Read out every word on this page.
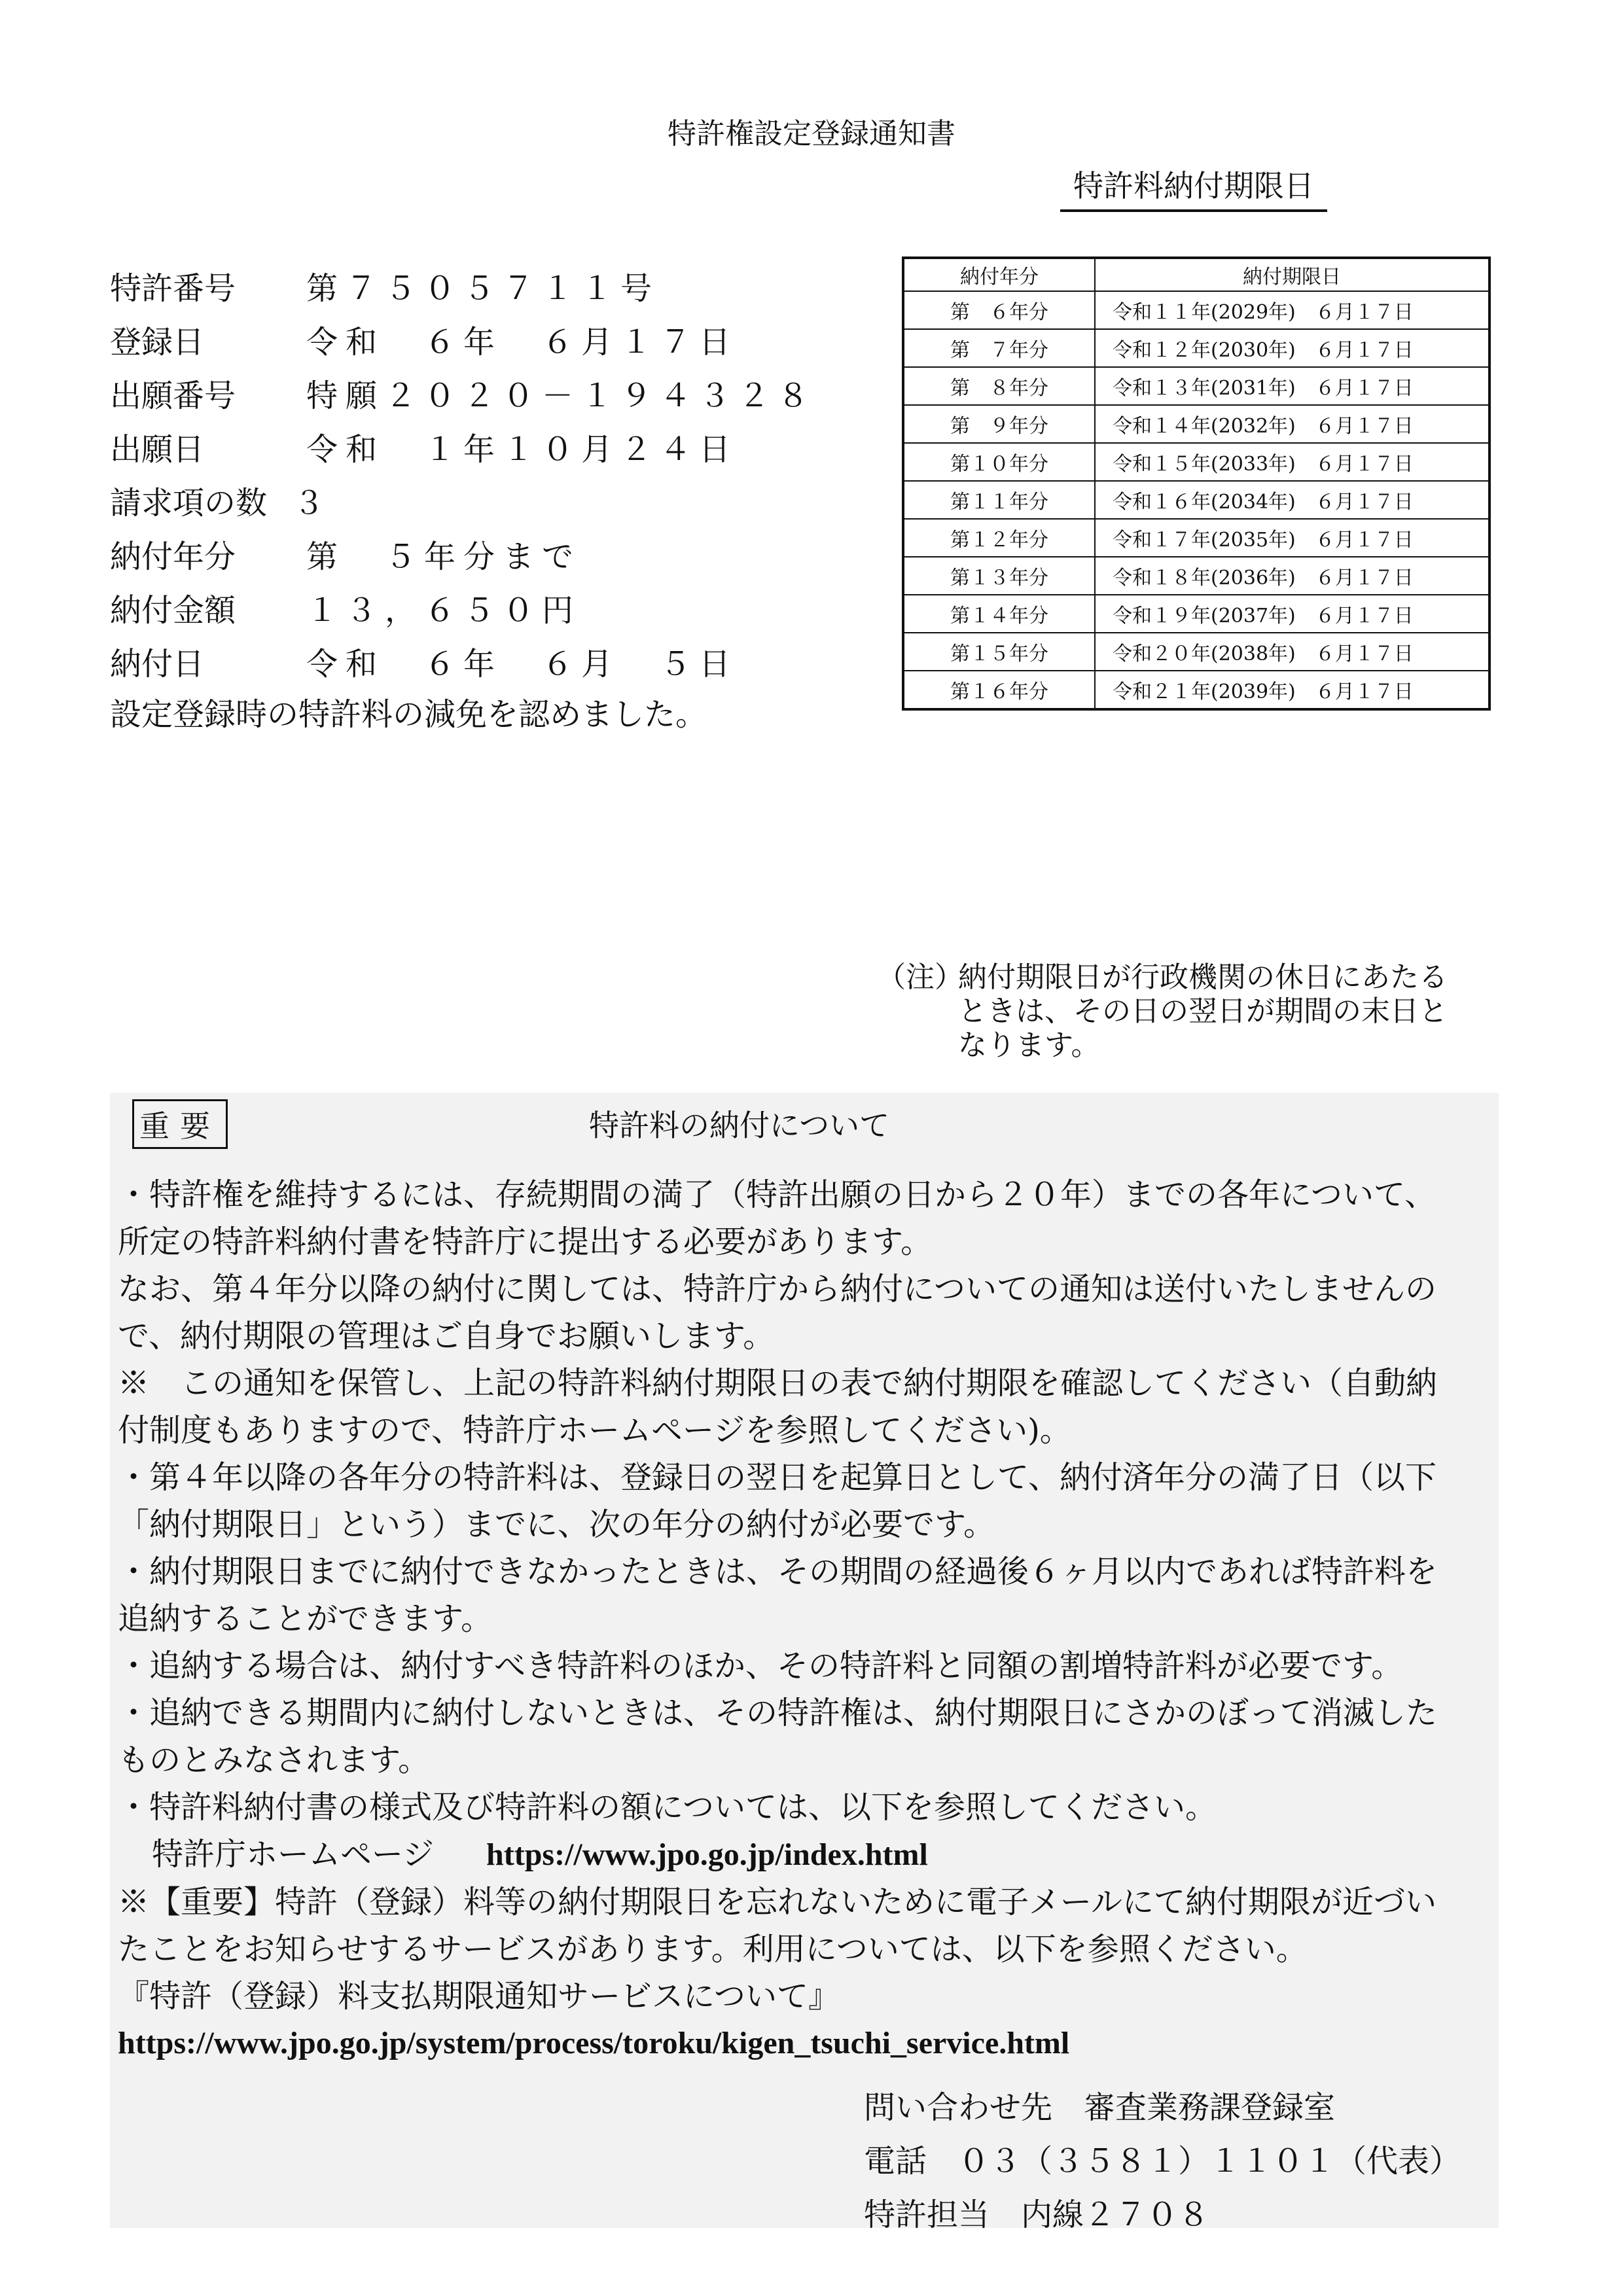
特許権設定登録通知書
特許料納付期限日
特許番号 第７５０５７１１号
登録日	令和　６年　６月１７日
出願番号 特願２０２０－１９４３２８
出願日	令和　１年１０月２４日
請求項の数 ３
納付年分 第　５年分まで
納付金額 １３，６５０円
納付日	令和　６年　６月　５日
設定登録時の特許料の減免を認めました。
納付年分	納付期限日
第　６年分	令和１１年(2029年)　６月１７日
第　７年分	令和１２年(2030年)　６月１７日
第　８年分	令和１３年(2031年)　６月１７日
第　９年分	令和１４年(2032年)　６月１７日
第１０年分	令和１５年(2033年)　６月１７日
第１１年分	令和１６年(2034年)　６月１７日
第１２年分	令和１７年(2035年)　６月１７日
第１３年分	令和１８年(2036年)　６月１７日
第１４年分	令和１９年(2037年)　６月１７日
第１５年分	令和２０年(2038年)　６月１７日
第１６年分	令和２１年(2039年)　６月１７日
（注）
納付期限日が行政機関の休日にあたる
ときは、その日の翌日が期間の末日と
なります。
重要	特許料の納付について
・特許権を維持するには、存続期間の満了（特許出願の日から２０年）までの各年について、
所定の特許料納付書を特許庁に提出する必要があります。
なお、第４年分以降の納付に関しては、特許庁から納付についての通知は送付いたしませんの
で、納付期限の管理はご自身でお願いします。
※　この通知を保管し、上記の特許料納付期限日の表で納付期限を確認してください（自動納
付制度もありますので、特許庁ホームページを参照してください)。
・第４年以降の各年分の特許料は、登録日の翌日を起算日として、納付済年分の満了日（以下
「納付期限日」という）までに、次の年分の納付が必要です。
・納付期限日までに納付できなかったときは、その期間の経過後６ヶ月以内であれば特許料を
追納することができます。
・追納する場合は、納付すべき特許料のほか、その特許料と同額の割増特許料が必要です。
・追納できる期間内に納付しないときは、その特許権は、納付期限日にさかのぼって消滅した
ものとみなされます。
・特許料納付書の様式及び特許料の額については、以下を参照してください。
特許庁ホームページ https://www.jpo.go.jp/index.html
※【重要】特許（登録）料等の納付期限日を忘れないために電子メールにて納付期限が近づい
たことをお知らせするサービスがあります。利用については、以下を参照ください。
『特許（登録）料支払期限通知サービスについて』
https://www.jpo.go.jp/system/process/toroku/kigen_tsuchi_service.html
問い合わせ先　審査業務課登録室
電話　０３（３５８１）１１０１（代表）
特許担当　内線２７０８
